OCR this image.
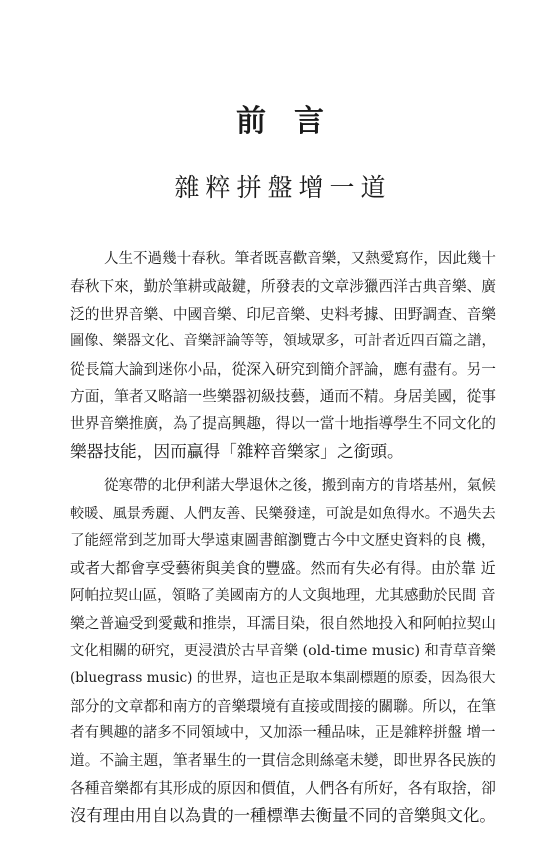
前言
雜粹拼盤增一道

人生不過幾十春秋。筆者既喜歡音樂，又熱愛寫作，因此幾十
春秋下來，勤於筆耕或敲鍵，所發表的文章涉獵西洋古典音樂、廣
泛的世界音樂、中國音樂、印尼音樂、史料考據、田野調查、音樂
圖像、樂器文化、音樂評論等等，領域眾多，可計者近四百篇之譜，
從長篇大論到迷你小品，從深入研究到簡介評論，應有盡有。另一
方面，筆者又略諳一些樂器初級技藝，通而不精。身居美國，從事
世界音樂推廣，為了提高興趣，得以一當十地指導學生不同文化的
樂器技能，因而贏得「雜粹音樂家」之銜頭。

從寒帶的北伊利諾大學退休之後，搬到南方的肯塔基州，氣候
較暖、風景秀麗、人們友善、民樂發達，可說是如魚得水。不過失去
了能經常到芝加哥大學遠東圖書館瀏覽古今中文歷史資料的良 機，
或者大都會享受藝術與美食的豐盛。然而有失必有得。由於靠 近
阿帕拉契山區，領略了美國南方的人文與地理，尤其感動於民間 音
樂之普遍受到愛戴和推崇，耳濡目染，很自然地投入和阿帕拉契山
文化相關的研究，更浸潰於古早音樂 (old-time music) 和青草音樂
(bluegrass music) 的世界，這也正是取本集副標題的原委，因為很大
部分的文章都和南方的音樂環境有直接或間接的關聯。所以，在筆
者有興趣的諸多不同領域中，又加添一種品味，正是雜粹拼盤 增一
道。不論主題，筆者畢生的一貫信念則絲毫未變，即世界各民族的
各種音樂都有其形成的原因和價值，人們各有所好，各有取捨，卻
沒有理由用自以為貴的一種標準去衡量不同的音樂與文化。
